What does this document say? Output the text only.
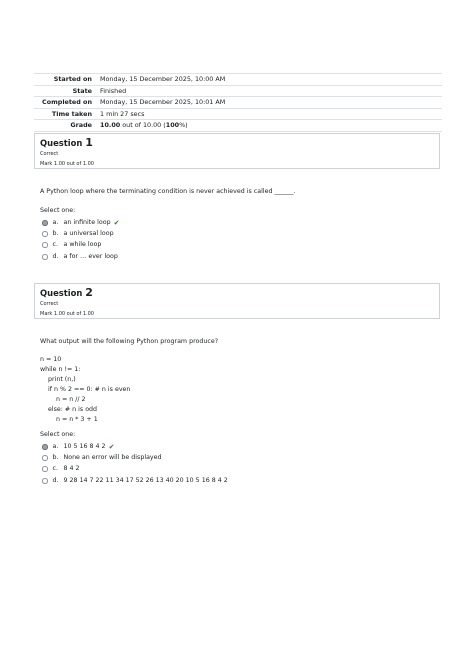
Started on	Monday, 15 December 2025, 10:00 AM
State	Finished
Completed on	Monday, 15 December 2025, 10:01 AM
Time taken	1 min 27 secs
Grade	10.00 out of 10.00 (100%)
Question 1
Correct
Mark 1.00 out of 1.00
A Python loop where the terminating condition is never achieved is called ______.
Select one:
a. an infinite loop ✔
b. a universal loop
c. a while loop
d. a for … ever loop
Question 2
Correct
Mark 1.00 out of 1.00
What output will the following Python program produce?
n = 10
while n != 1:
print (n,)
if n % 2 == 0: # n is even
n = n // 2
else: # n is odd
n = n * 3 + 1
Select one:
a. 10 5 16 8 4 2 ✔
b. None an error will be displayed
c. 8 4 2
d. 9 28 14 7 22 11 34 17 52 26 13 40 20 10 5 16 8 4 2
